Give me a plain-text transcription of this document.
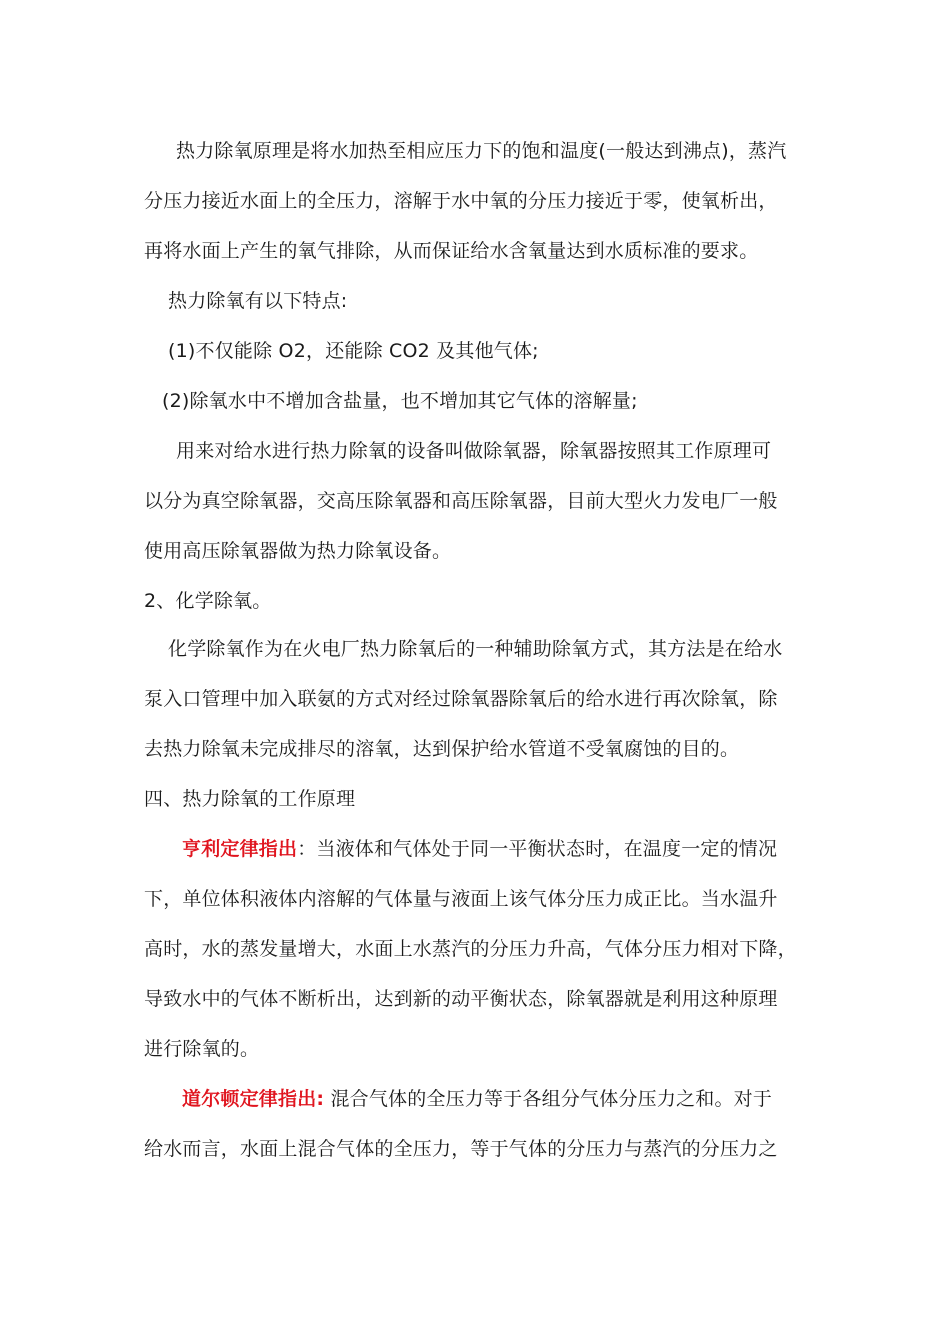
热力除氧原理是将水加热至相应压力下的饱和温度(一般达到沸点)，蒸汽
分压力接近水面上的全压力，溶解于水中氧的分压力接近于零，使氧析出，
再将水面上产生的氧气排除，从而保证给水含氧量达到水质标准的要求。
热力除氧有以下特点:
(1)不仅能除 O2，还能除 CO2 及其他气体;
(2)除氧水中不增加含盐量，也不增加其它气体的溶解量;
用来对给水进行热力除氧的设备叫做除氧器，除氧器按照其工作原理可
以分为真空除氧器，交高压除氧器和高压除氧器，目前大型火力发电厂一般
使用高压除氧器做为热力除氧设备。
2、化学除氧。
化学除氧作为在火电厂热力除氧后的一种辅助除氧方式，其方法是在给水
泵入口管理中加入联氨的方式对经过除氧器除氧后的给水进行再次除氧，除
去热力除氧未完成排尽的溶氧，达到保护给水管道不受氧腐蚀的目的。
四、热力除氧的工作原理
亨利定律指出：当液体和气体处于同一平衡状态时，在温度一定的情况
下，单位体积液体内溶解的气体量与液面上该气体分压力成正比。当水温升
高时，水的蒸发量增大，水面上水蒸汽的分压力升高，气体分压力相对下降，
导致水中的气体不断析出，达到新的动平衡状态，除氧器就是利用这种原理
进行除氧的。
道尔顿定律指出: 混合气体的全压力等于各组分气体分压力之和。对于
给水而言，水面上混合气体的全压力，等于气体的分压力与蒸汽的分压力之
